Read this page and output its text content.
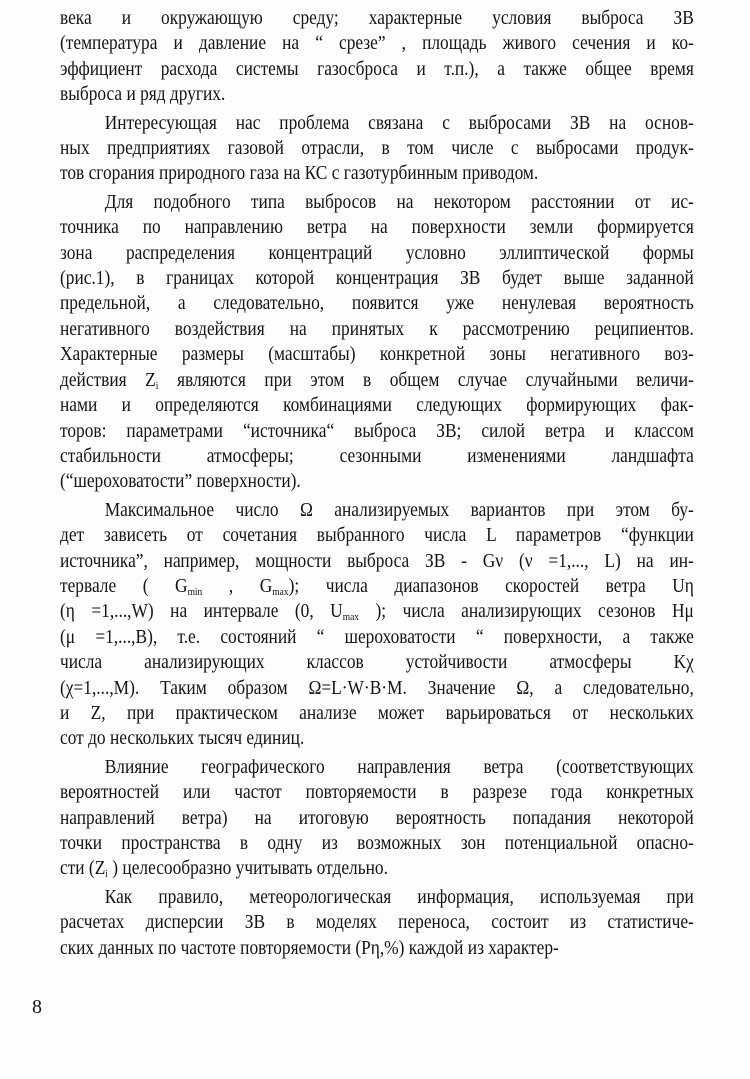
века и окружающую среду; характерные условия выброса ЗВ
(температура и давление на “ срезе” , площадь живого сечения и ко-
эффициент расхода системы газосброса и т.п.), а также общее время
выброса и ряд других.
Интересующая нас проблема связана с выбросами ЗВ на основ-
ных предприятиях газовой отрасли, в том числе с выбросами продук-
тов сгорания природного газа на КС с газотурбинным приводом.
Для подобного типа выбросов на некотором расстоянии от ис-
точника по направлению ветра на поверхности земли формируется
зона распределения концентраций условно эллиптической формы
(рис.1), в границах которой концентрация ЗВ будет выше заданной
предельной, а следовательно, появится уже ненулевая вероятность
негативного воздействия на принятых к рассмотрению реципиентов.
Характерные размеры (масштабы) конкретной зоны негативного воз-
действия $Z_i$ являются при этом в общем случае случайными величи-
нами и определяются комбинациями следующих формирующих фак-
торов: параметрами “источника“ выброса ЗВ; силой ветра и классом
стабильности атмосферы; сезонными изменениями ландшафта
(“шероховатости” поверхности).
Максимальное число Ω анализируемых вариантов при этом бу-
дет зависеть от сочетания выбранного числа L параметров “функции
источника”, например, мощности выброса ЗВ - Gν (ν =1,..., L) на ин-
тервале ( $G_{min}$ , $G_{max}$); числа диапазонов скоростей ветра Uη
(η =1,...,W) на интервале (0, $U_{max}$ ); числа анализирующих сезонов Hμ
(μ =1,...,B), т.е. состояний “ шероховатости “ поверхности, а также
числа анализирующих классов устойчивости атмосферы Kχ
(χ=1,...,M). Таким образом Ω=L·W·B·M. Значение Ω, а следовательно,
и Z, при практическом анализе может варьироваться от нескольких
сот до нескольких тысяч единиц.
Влияние географического направления ветра (соответствующих
вероятностей или частот повторяемости в разрезе года конкретных
направлений ветра) на итоговую вероятность попадания некоторой
точки пространства в одну из возможных зон потенциальной опасно-
сти ($Z_i$ ) целесообразно учитывать отдельно.
Как правило, метеорологическая информация, используемая при
расчетах дисперсии ЗВ в моделях переноса, состоит из статистиче-
ских данных по частоте повторяемости (Pη,%) каждой из характер-
8
